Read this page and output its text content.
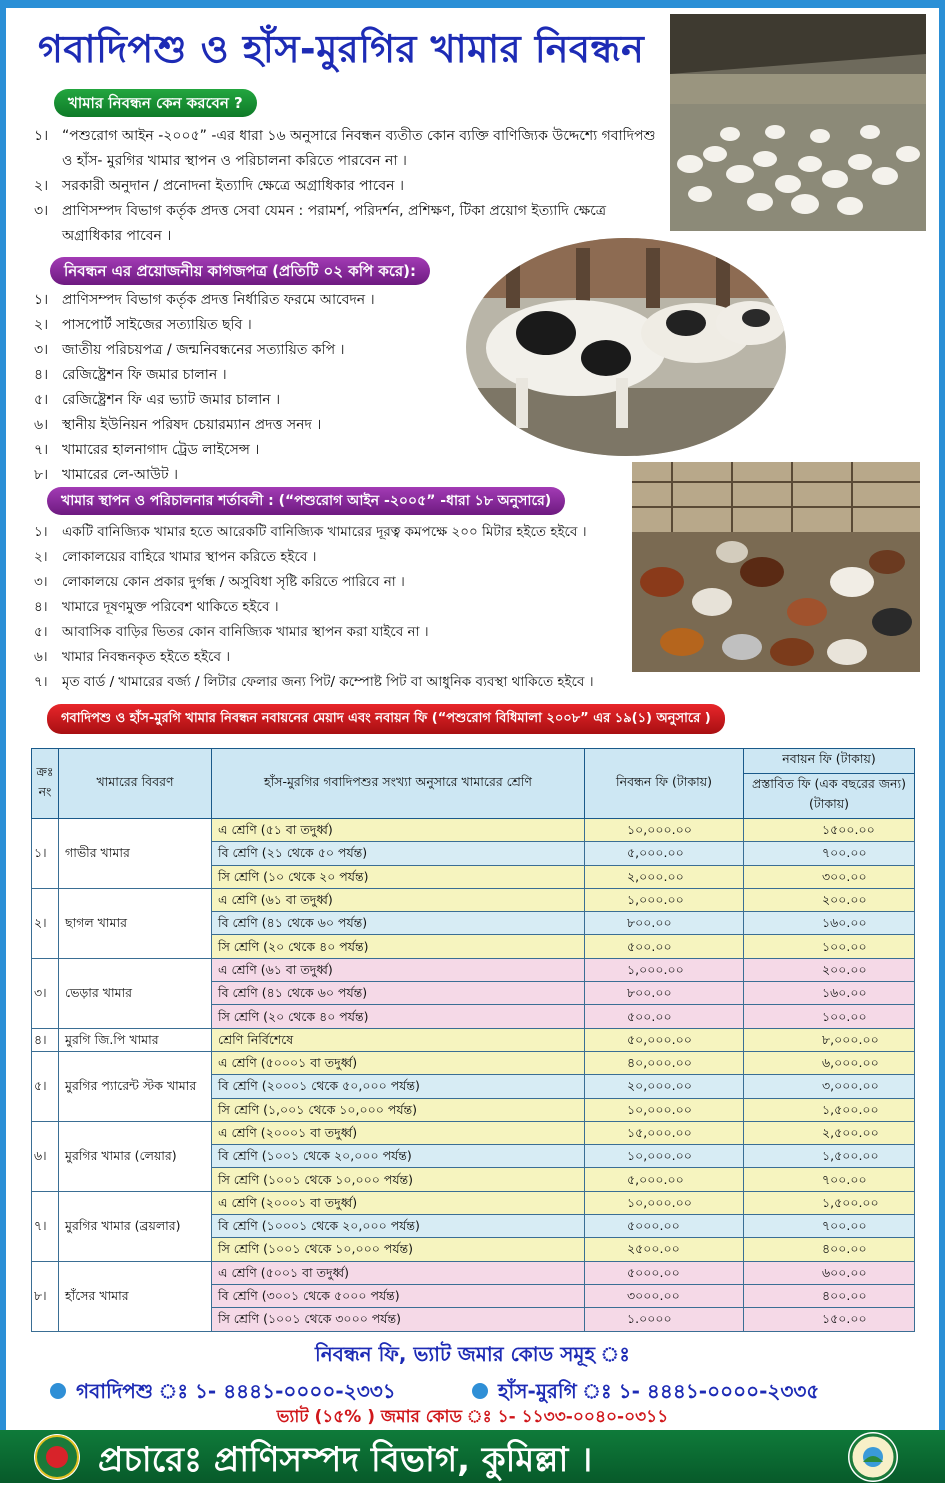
গবাদিপশু ও হাঁস-মুরগির খামার নিবন্ধন
খামার নিবন্ধন কেন করবেন ?
১। “পশুরোগ আইন -২০০৫” -এর ধারা ১৬ অনুসারে নিবন্ধন ব্যতীত কোন ব্যক্তি বাণিজ্যিক উদ্দেশ্যে গবাদিপশু ও হাঁস- মুরগির খামার স্থাপন ও পরিচালনা করিতে পারবেন না ।
২। সরকারী অনুদান / প্রনোদনা ইত্যাদি ক্ষেত্রে অগ্রাধিকার পাবেন ।
৩। প্রাণিসম্পদ বিভাগ কর্তৃক প্রদত্ত সেবা যেমন : পরামর্শ, পরিদর্শন, প্রশিক্ষণ, টিকা প্রয়োগ ইত্যাদি ক্ষেত্রে অগ্রাধিকার পাবেন ।
নিবন্ধন এর প্রয়োজনীয় কাগজপত্র (প্রতিটি ০২ কপি করে):
১। প্রাণিসম্পদ বিভাগ কর্তৃক প্রদত্ত নির্ধারিত ফরমে আবেদন ।
২। পাসপোর্ট সাইজের সত্যায়িত ছবি ।
৩। জাতীয় পরিচয়পত্র / জন্মনিবন্ধনের সত্যায়িত কপি ।
৪। রেজিষ্ট্রেশন ফি জমার চালান ।
৫। রেজিষ্ট্রেশন ফি এর ভ্যাট জমার চালান ।
৬। স্থানীয় ইউনিয়ন পরিষদ চেয়ারম্যান প্রদত্ত সনদ ।
৭। খামারের হালনাগাদ ট্রেড লাইসেন্স ।
৮। খামারের লে-আউট ।
খামার স্থাপন ও পরিচালনার শর্তাবলী : (“পশুরোগ আইন -২০০৫” -ধারা ১৮ অনুসারে)
১।	একটি বানিজ্যিক খামার হতে আরেকটি বানিজ্যিক খামারের দূরত্ব কমপক্ষে ২০০ মিটার হইতে হইবে ।
২।	লোকালয়ের বাহিরে খামার স্থাপন করিতে হইবে ।
৩।	লোকালয়ে কোন প্রকার দুর্গন্ধ / অসুবিধা সৃষ্টি করিতে পারিবে না ।
৪।	খামারে দূষণমুক্ত পরিবেশ থাকিতে হইবে ।
৫।	আবাসিক বাড়ির ভিতর কোন বানিজ্যিক খামার স্থাপন করা যাইবে না ।
৬।	খামার নিবন্ধনকৃত হইতে হইবে ।
৭।	মৃত বার্ড / খামারের বর্জ্য / লিটার ফেলার জন্য পিট/ কম্পোষ্ট পিট বা আধুনিক ব্যবস্থা থাকিতে হইবে ।
গবাদিপশু ও হাঁস-মুরগি খামার নিবন্ধন নবায়নের মেয়াদ এবং নবায়ন ফি (“পশুরোগ বিধিমালা ২০০৮” এর ১৯(১) অনুসারে )
ক্রঃ নং	খামারের বিবরণ	হাঁস-মুরগির গবাদিপশুর সংখ্যা অনুসারে খামারের শ্রেণি	নিবন্ধন ফি (টাকায়)	নবায়ন ফি (টাকায়)
				প্রস্তাবিত ফি (এক বছরের জন্য) (টাকায়)
১।	গাভীর খামার	এ শ্রেণি (৫১ বা তদুর্ধ্ব)	১০,০০০.০০	১৫০০.০০
		বি শ্রেণি (২১ থেকে ৫০ পর্যন্ত)	৫,০০০.০০	৭০০.০০
		সি শ্রেণি (১০ থেকে ২০ পর্যন্ত)	২,০০০.০০	৩০০.০০
২।	ছাগল খামার	এ শ্রেণি (৬১ বা তদুর্ধ্ব)	১,০০০.০০	২০০.০০
		বি শ্রেণি (৪১ থেকে ৬০ পর্যন্ত)	৮০০.০০	১৬০.০০
		সি শ্রেণি (২০ থেকে ৪০ পর্যন্ত)	৫০০.০০	১০০.০০
৩।	ভেড়ার খামার	এ শ্রেণি (৬১ বা তদুর্ধ্ব)	১,০০০.০০	২০০.০০
		বি শ্রেণি (৪১ থেকে ৬০ পর্যন্ত)	৮০০.০০	১৬০.০০
		সি শ্রেণি (২০ থেকে ৪০ পর্যন্ত)	৫০০.০০	১০০.০০
৪।	মুরগি জি.পি খামার	শ্রেণি নির্বিশেষে	৫০,০০০.০০	৮,০০০.০০
৫।	মুরগির প্যারেন্ট স্টক খামার	এ শ্রেণি (৫০০০১ বা তদুর্ধ্ব)	৪০,০০০.০০	৬,০০০.০০
		বি শ্রেণি (২০০০১ থেকে ৫০,০০০ পর্যন্ত)	২০,০০০.০০	৩,০০০.০০
		সি শ্রেণি (১,০০১ থেকে ১০,০০০ পর্যন্ত)	১০,০০০.০০	১,৫০০.০০
৬।	মুরগির খামার (লেয়ার)	এ শ্রেণি (২০০০১ বা তদুর্ধ্ব)	১৫,০০০.০০	২,৫০০.০০
		বি শ্রেণি (১০০১ থেকে ২০,০০০ পর্যন্ত)	১০,০০০.০০	১,৫০০.০০
		সি শ্রেণি (১০০১ থেকে ১০,০০০ পর্যন্ত)	৫,০০০.০০	৭০০.০০
৭।	মুরগির খামার (ব্রয়লার)	এ শ্রেণি (২০০০১ বা তদুর্ধ্ব)	১০,০০০.০০	১,৫০০.০০
		বি শ্রেণি (১০০০১ থেকে ২০,০০০ পর্যন্ত)	৫০০০.০০	৭০০.০০
		সি শ্রেণি (১০০১ থেকে ১০,০০০ পর্যন্ত)	২৫০০.০০	৪০০.০০
৮।	হাঁসের খামার	এ শ্রেণি (৫০০১ বা তদুর্ধ্ব)	৫০০০.০০	৬০০.০০
		বি শ্রেণি (৩০০১ থেকে ৫০০০ পর্যন্ত)	৩০০০.০০	৪০০.০০
		সি শ্রেণি (১০০১ থেকে ৩০০০ পর্যন্ত)	১.০০০০	১৫০.০০
নিবন্ধন ফি, ভ্যাট জমার কোড সমূহ ঃ
গবাদিপশু ঃ ১- ৪৪৪১-০০০০-২৩৩১	হাঁস-মুরগি ঃ ১- ৪৪৪১-০০০০-২৩৩৫
ভ্যাট (১৫% ) জমার কোড ঃ ১- ১১৩৩-০০৪০-০৩১১
প্রচারেঃ প্রাণিসম্পদ বিভাগ, কুমিল্লা ।
